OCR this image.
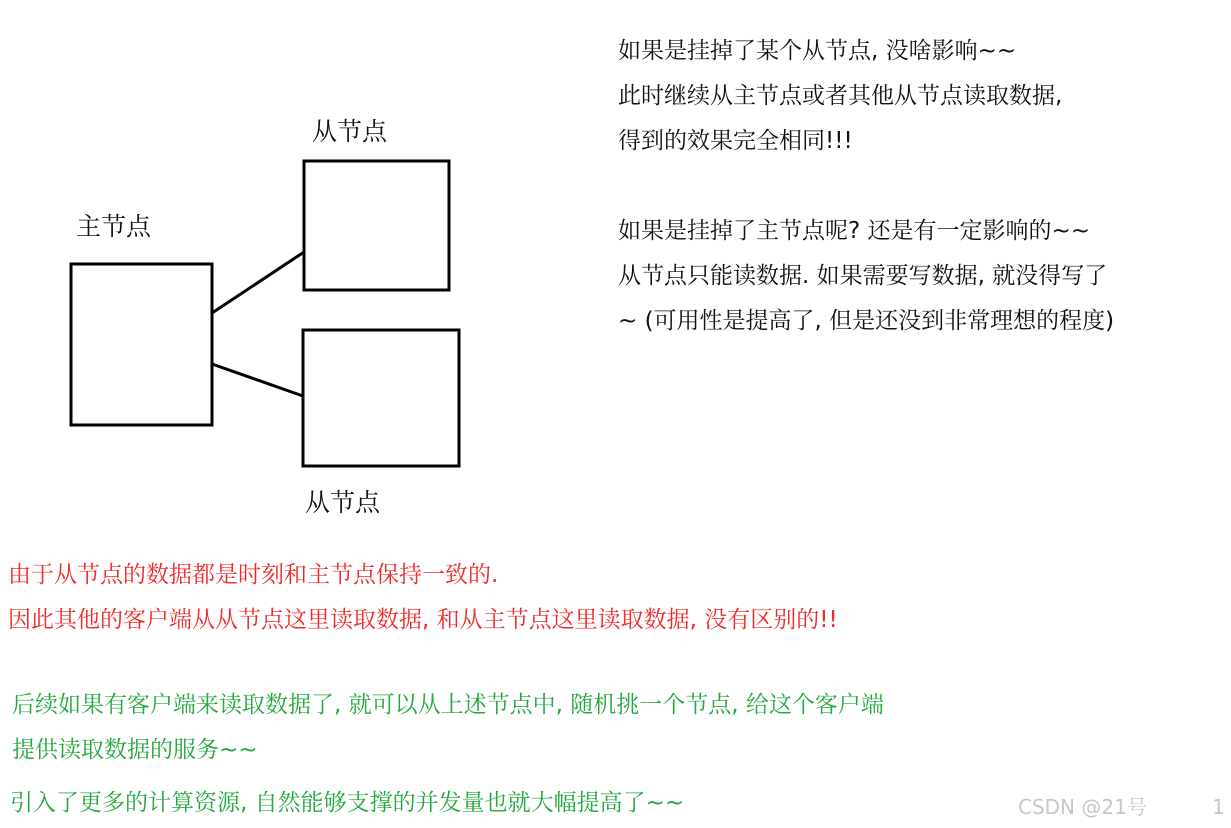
主节点
从节点
从节点
如果是挂掉了某个从节点, 没啥影响~~
此时继续从主节点或者其他从节点读取数据,
得到的效果完全相同!!!

如果是挂掉了主节点呢? 还是有一定影响的~~
从节点只能读数据. 如果需要写数据, 就没得写了
~ (可用性是提高了, 但是还没到非常理想的程度)
由于从节点的数据都是时刻和主节点保持一致的.
因此其他的客户端从从节点这里读取数据, 和从主节点这里读取数据, 没有区别的!!
后续如果有客户端来读取数据了, 就可以从上述节点中, 随机挑一个节点, 给这个客户端
提供读取数据的服务~~
引入了更多的计算资源, 自然能够支撑的并发量也就大幅提高了~~	CSDN @21号	1
